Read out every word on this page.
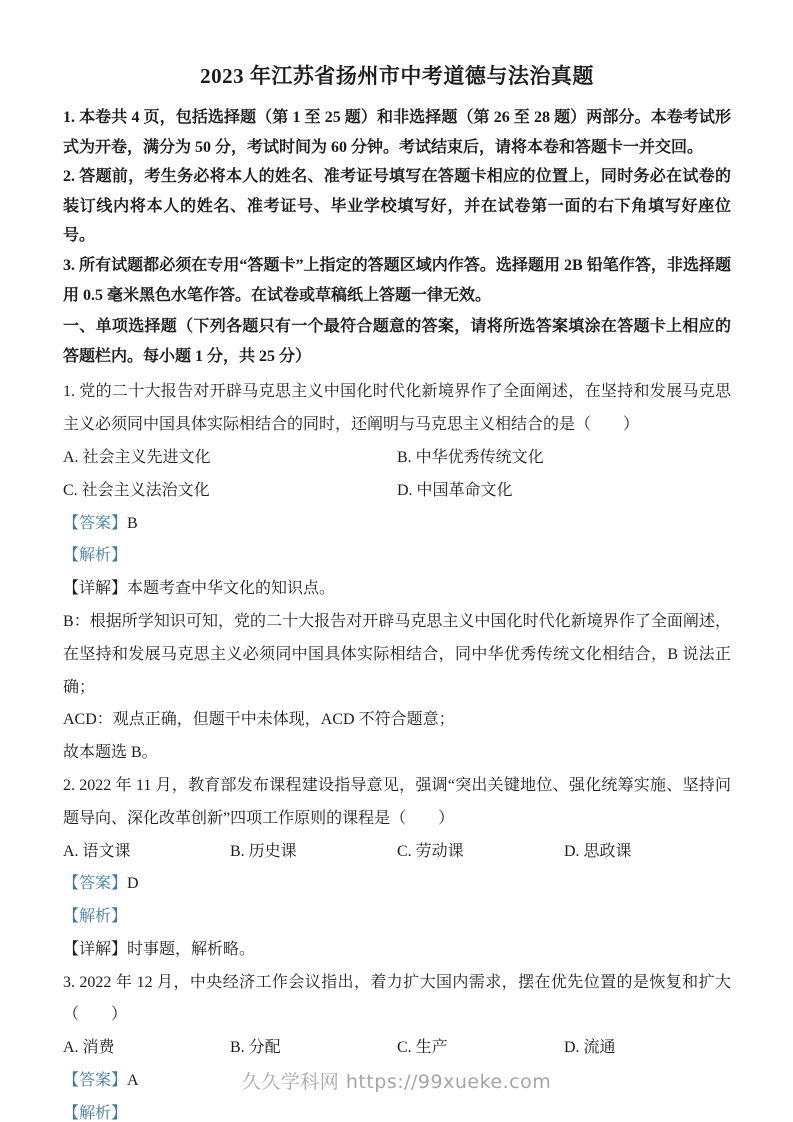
2023 年江苏省扬州市中考道德与法治真题

1. 本卷共 4 页，包括选择题（第 1 至 25 题）和非选择题（第 26 至 28 题）两部分。本卷考试形式为开卷，满分为 50 分，考试时间为 60 分钟。考试结束后，请将本卷和答题卡一并交回。

2. 答题前，考生务必将本人的姓名、准考证号填写在答题卡相应的位置上，同时务必在试卷的装订线内将本人的姓名、准考证号、毕业学校填写好，并在试卷第一面的右下角填写好座位号。

3. 所有试题都必须在专用“答题卡”上指定的答题区域内作答。选择题用 2B 铅笔作答，非选择题用 0.5 毫米黑色水笔作答。在试卷或草稿纸上答题一律无效。

一、单项选择题（下列各题只有一个最符合题意的答案，请将所选答案填涂在答题卡上相应的答题栏内。每小题 1 分，共 25 分）

1. 党的二十大报告对开辟马克思主义中国化时代化新境界作了全面阐述，在坚持和发展马克思主义必须同中国具体实际相结合的同时，还阐明与马克思主义相结合的是（　　）

A. 社会主义先进文化	B. 中华优秀传统文化
C. 社会主义法治文化	D. 中国革命文化

【答案】B

【解析】

【详解】本题考查中华文化的知识点。

B：根据所学知识可知，党的二十大报告对开辟马克思主义中国化时代化新境界作了全面阐述，在坚持和发展马克思主义必须同中国具体实际相结合，同中华优秀传统文化相结合，B 说法正确；

ACD：观点正确，但题干中未体现，ACD 不符合题意；

故本题选 B。

2. 2022 年 11 月，教育部发布课程建设指导意见，强调“突出关键地位、强化统筹实施、坚持问题导向、深化改革创新”四项工作原则的课程是（　　）

A. 语文课	B. 历史课	C. 劳动课	D. 思政课

【答案】D

【解析】

【详解】时事题，解析略。

3. 2022 年 12 月，中央经济工作会议指出，着力扩大国内需求，摆在优先位置的是恢复和扩大（　　）

A. 消费	B. 分配	C. 生产	D. 流通

【答案】A

【解析】

久久学科网 https://99xueke.com
